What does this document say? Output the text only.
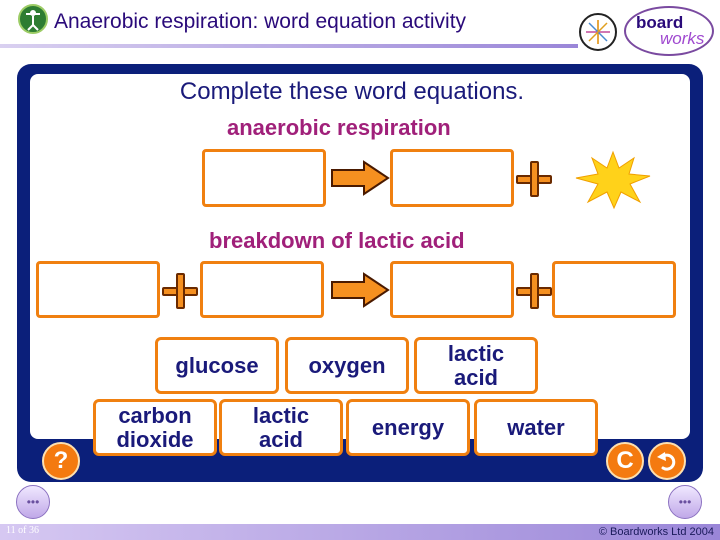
Anaerobic respiration: word equation activity	board
works
Complete these word equations.
anaerobic respiration
breakdown of lactic acid
glucose	oxygen	lactic
acid
carbon
dioxide
lactic
acid	energy	water
?	C
•••	•••
11 of 36	© Boardworks Ltd 2004
